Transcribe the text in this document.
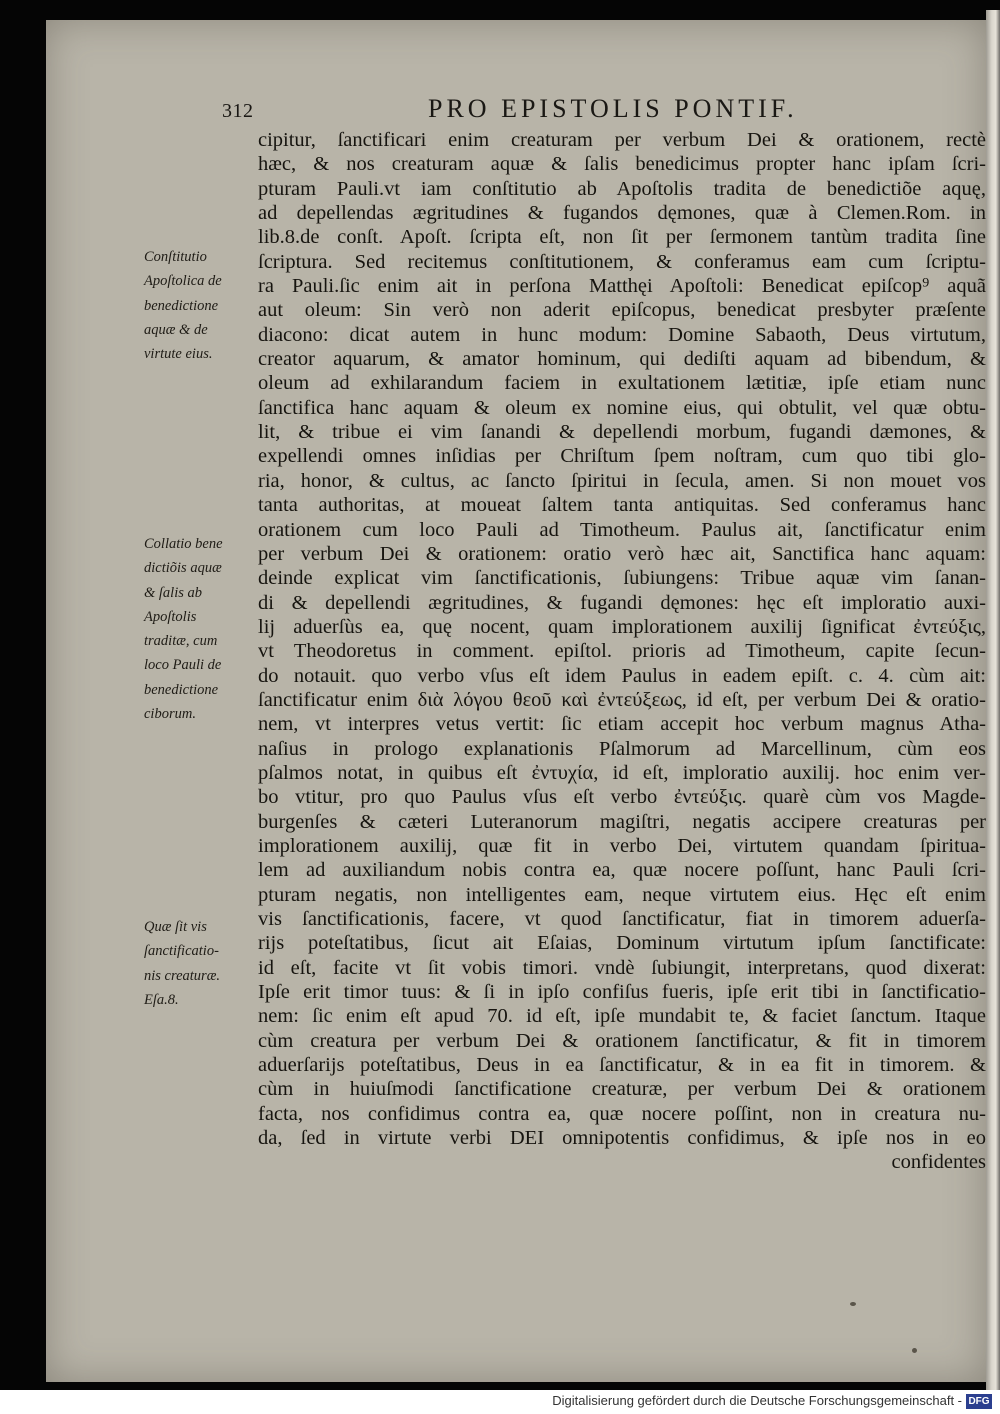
312	PRO EPISTOLIS PONTIF.
cipitur, ſanctificari enim creaturam per verbum Dei & orationem, rectè
hæc, & nos creaturam aquæ & ſalis benedicimus propter hanc ipſam ſcri-
pturam Pauli.vt iam conſtitutio ab Apoſtolis tradita de benedictiõe aquę,
ad depellendas ægritudines & fugandos dęmones, quæ à Clemen.Rom. in
lib.8.de conſt. Apoſt. ſcripta eſt, non ſit per ſermonem tantùm tradita ſine
ſcriptura. Sed recitemus conſtitutionem, & conferamus eam cum ſcriptu-
ra Pauli.ſic enim ait in perſona Matthęi Apoſtoli: Benedicat epiſcop⁹ aquã
aut oleum: Sin verò non aderit epiſcopus, benedicat presbyter præſente
diacono: dicat autem in hunc modum: Domine Sabaoth, Deus virtutum,
creator aquarum, & amator hominum, qui dediſti aquam ad bibendum, &
oleum ad exhilarandum faciem in exultationem lætitiæ, ipſe etiam nunc
ſanctifica hanc aquam & oleum ex nomine eius, qui obtulit, vel quæ obtu-
lit, & tribue ei vim ſanandi & depellendi morbum, fugandi dæmones, &
expellendi omnes inſidias per Chriſtum ſpem noſtram, cum quo tibi glo-
ria, honor, & cultus, ac ſancto ſpiritui in ſecula, amen. Si non mouet vos
tanta authoritas, at moueat ſaltem tanta antiquitas. Sed conferamus hanc
orationem cum loco Pauli ad Timotheum. Paulus ait, ſanctificatur enim
per verbum Dei & orationem: oratio verò hæc ait, Sanctifica hanc aquam:
deinde explicat vim ſanctificationis, ſubiungens: Tribue aquæ vim ſanan-
di & depellendi ægritudines, & fugandi dęmones: hęc eſt imploratio auxi-
lij aduerſùs ea, quę nocent, quam implorationem auxilij ſignificat ἐντεύξις,
vt Theodoretus in comment. epiſtol. prioris ad Timotheum, capite ſecun-
do notauit. quo verbo vſus eſt idem Paulus in eadem epiſt. c. 4. cùm ait:
ſanctificatur enim διὰ λόγου θεοῦ καὶ ἐντεύξεως, id eſt, per verbum Dei & oratio-
nem, vt interpres vetus vertit: ſic etiam accepit hoc verbum magnus Atha-
naſius in prologo explanationis Pſalmorum ad Marcellinum, cùm eos
pſalmos notat, in quibus eſt ἐντυχία, id eſt, imploratio auxilij. hoc enim ver-
bo vtitur, pro quo Paulus vſus eſt verbo ἐντεύξις. quarè cùm vos Magde-
burgenſes & cæteri Luteranorum magiſtri, negatis accipere creaturas per
implorationem auxilij, quæ fit in verbo Dei, virtutem quandam ſpiritua-
lem ad auxiliandum nobis contra ea, quæ nocere poſſunt, hanc Pauli ſcri-
pturam negatis, non intelligentes eam, neque virtutem eius. Hęc eſt enim
vis ſanctificationis, facere, vt quod ſanctificatur, fiat in timorem aduerſa-
rijs poteſtatibus, ſicut ait Eſaias, Dominum virtutum ipſum ſanctificate:
id eſt, facite vt ſit vobis timori. vndè ſubiungit, interpretans, quod dixerat:
Ipſe erit timor tuus: & ſi in ipſo confiſus fueris, ipſe erit tibi in ſanctificatio-
nem: ſic enim eſt apud 70. id eſt, ipſe mundabit te, & faciet ſanctum. Itaque
cùm creatura per verbum Dei & orationem ſanctificatur, & fit in timorem
aduerſarijs poteſtatibus, Deus in ea ſanctificatur, & in ea fit in timorem. &
cùm in huiuſmodi ſanctificatione creaturæ, per verbum Dei & orationem
facta, nos confidimus contra ea, quæ nocere poſſint, non in creatura nu-
da, ſed in virtute verbi DEI omnipotentis confidimus, & ipſe nos in eo
confidentes
Conſtitutio
Apoſtolica de
benedictione
aquæ & de
virtute eius.
Collatio bene
dictiõis aquæ
& ſalis ab
Apoſtolis
traditæ, cum
loco Pauli de
benedictione
ciborum.
Quæ ſit vis
ſanctificatio-
nis creaturæ.
Eſa.8.
Digitalisierung gefördert durch die Deutsche Forschungsgemeinschaft - DFG
